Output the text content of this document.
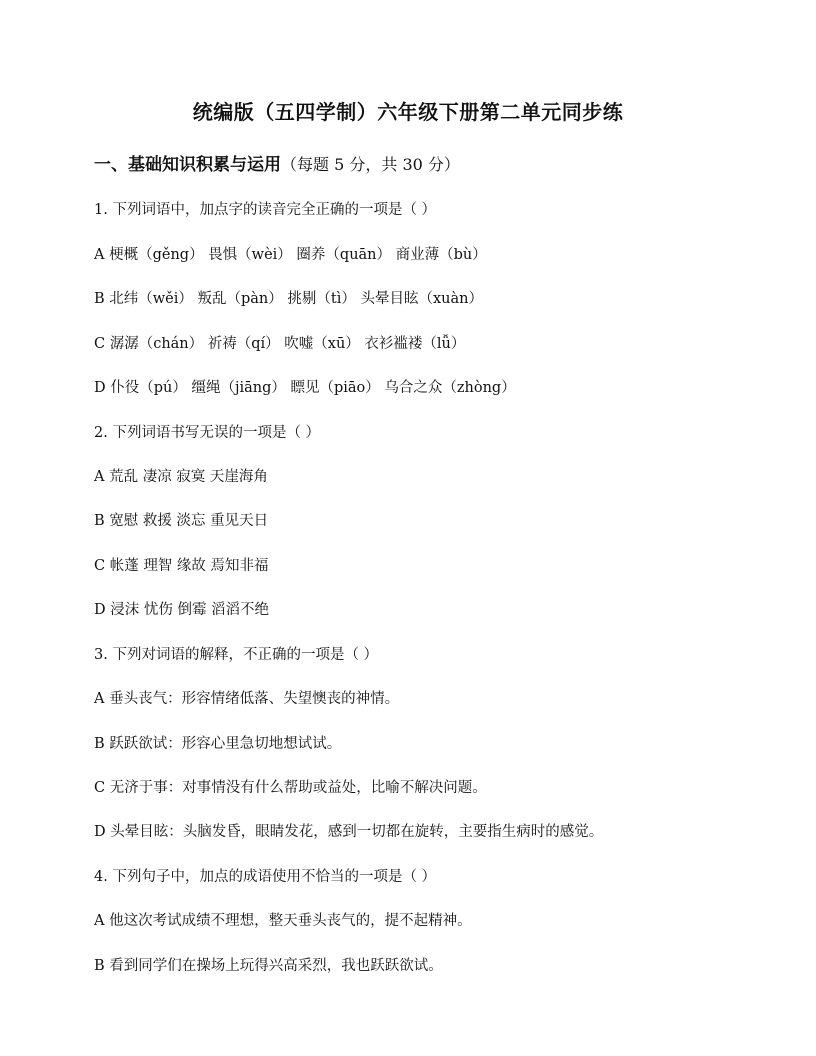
统编版（五四学制）六年级下册第二单元同步练
一、基础知识积累与运用（每题 5 分，共 30 分）
1. 下列词语中，加点字的读音完全正确的一项是（ ）
A 梗概（gěng） 畏惧（wèi） 圈养（quān） 商业薄（bù）
B 北纬（wěi） 叛乱（pàn） 挑剔（tì） 头晕目眩（xuàn）
C 潺潺（chán） 祈祷（qí） 吹嘘（xū） 衣衫褴褛（lǚ）
D 仆役（pú） 缰绳（jiāng） 瞟见（piāo） 乌合之众（zhòng）
2. 下列词语书写无误的一项是（ ）
A 荒乱 凄凉 寂寞 天崖海角
B 宽慰 救援 淡忘 重见天日
C 帐蓬 理智 缘故 焉知非福
D 浸沫 忧伤 倒霉 滔滔不绝
3. 下列对词语的解释，不正确的一项是（ ）
A 垂头丧气：形容情绪低落、失望懊丧的神情。
B 跃跃欲试：形容心里急切地想试试。
C 无济于事：对事情没有什么帮助或益处，比喻不解决问题。
D 头晕目眩：头脑发昏，眼睛发花，感到一切都在旋转，主要指生病时的感觉。
4. 下列句子中，加点的成语使用不恰当的一项是（ ）
A 他这次考试成绩不理想，整天垂头丧气的，提不起精神。
B 看到同学们在操场上玩得兴高采烈，我也跃跃欲试。
